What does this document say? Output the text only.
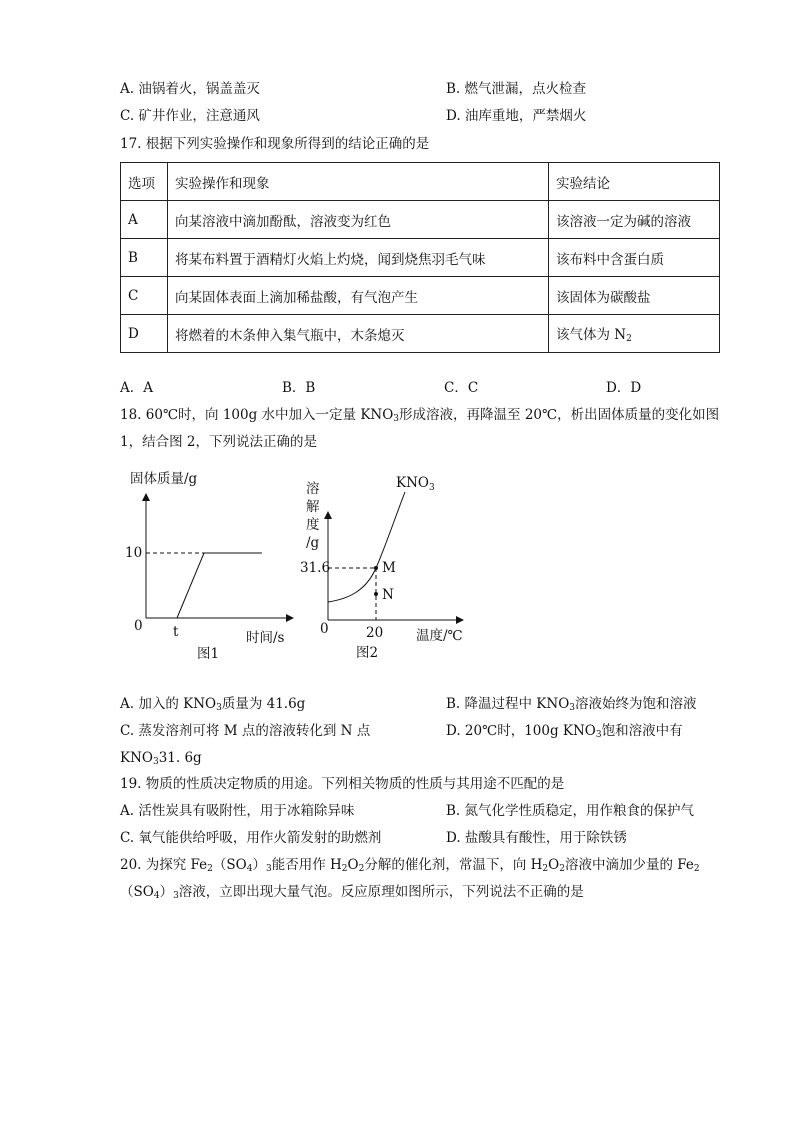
A. 油锅着火，锅盖盖灭	B. 燃气泄漏，点火检查
C. 矿井作业，注意通风	D. 油库重地，严禁烟火
17. 根据下列实验操作和现象所得到的结论正确的是
选项	实验操作和现象	实验结论
A	向某溶液中滴加酚酞，溶液变为红色	该溶液一定为碱的溶液
B	将某布料置于酒精灯火焰上灼烧，闻到烧焦羽毛气味	该布料中含蛋白质
C	向某固体表面上滴加稀盐酸，有气泡产生	该固体为碳酸盐
D	将燃着的木条伸入集气瓶中，木条熄灭	该气体为 $N_2$
A．A	B．B	C．C	D．D
18. 60℃时，向 100g 水中加入一定量 $KNO_3$形成溶液，再降温至 20℃，析出固体质量的变化如图
1，结合图 2，下列说法正确的是
固体质量/g
10
0 t	时间/s
图1
溶
解
度
/g
$KNO_3$
31.6	M
N
0	20 温度/℃
图2
A. 加入的 $KNO_3$质量为 41.6g	B. 降温过程中 $KNO_3$溶液始终为饱和溶液
C. 蒸发溶剂可将 M 点的溶液转化到 N 点	D. 20℃时，100g $KNO_3$饱和溶液中有
$KNO_331$. 6g
19. 物质的性质决定物质的用途。下列相关物质的性质与其用途不匹配的是
A. 活性炭具有吸附性，用于冰箱除异味	B. 氮气化学性质稳定，用作粮食的保护气
C. 氧气能供给呼吸，用作火箭发射的助燃剂	D. 盐酸具有酸性，用于除铁锈
20. 为探究 $Fe_2(SO_4)_3$能否用作 $H_2O_2$分解的催化剂，常温下，向 $H_2O_2$溶液中滴加少量的 $Fe_2$
$(SO_4)_3$溶液，立即出现大量气泡。反应原理如图所示，下列说法不正确的是
